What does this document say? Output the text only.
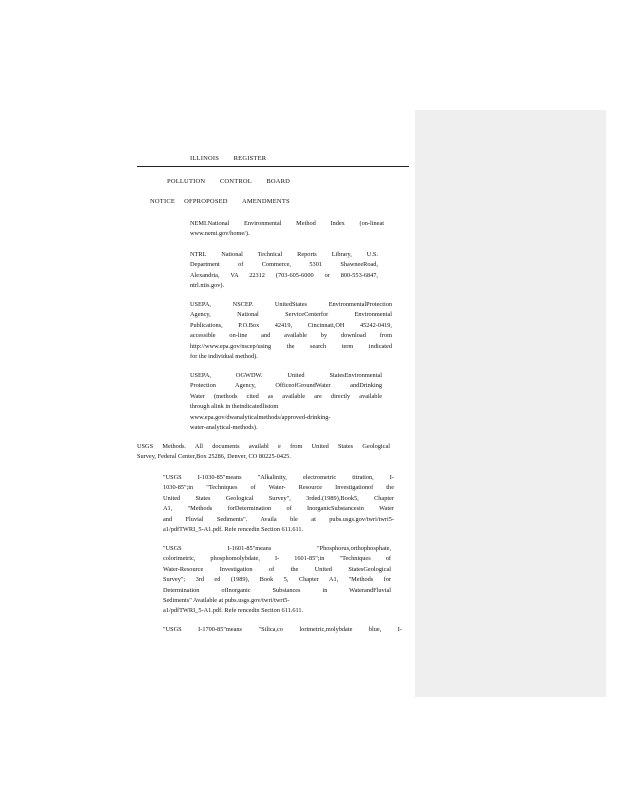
ILLINOIS        REGISTER
POLLUTION        CONTROL        BOARD
NOTICE     OFPROPOSED        AMENDMENTS
NEMI.National Environmental Method Index (on-lineat
www.nemi.gov/home/).
NTRL National Technical Reports Library, U.S.
Department of Commerce, 5301 ShawneeRoad,
Alexandria, VA 22312 (703-605-6000 or 800-553-6847,
ntrl.ntis.gov).
USEPA, NSCEP. UnitedStates EnvironmentalProtection
Agency, National ServiceCenterfor Environmental
Publications, P.O.Box 42419, Cincinnati,OH 45242-0419,
accessible on-line and available by download from
http://www.epa.gov/nscep/using the search term indicated
for the individual method).
USEPA, OGWDW. United StatesEnvironmental
Protection Agency, OfficeofGroundWater andDrinking
Water (methods cited as available are directly available
through alink in theindicatedlistom
www.epa.gov/dwanalyticalmethods/approved-drinking-
water-analytical-methods).
USGS Methods. All documents availabl e from United States Geological
Survey, Federal Center,Box 25286, Denver, CO 80225-0425.
"USGS I-1030-85"means "Alkalinity, electrometric titration, I-
1030-85";in "Techniques of Water- Resource Investigationof the
United States Geological Survey", 3rded.(1989),Book5, Chapter
A1, "Methods forDetermination of InorganicSubstancesin Water
and Fluvial Sediments". Availa ble at pubs.usgs.gov/twri/twri5-
a1/pdfTWRI_5-A1.pdf. Refe rencedin Section 611.611.
"USGS I-1601-85"means "Phosphorus,orthophosphate,
colorimetric, phosphomolybdate, I- 1601-85";in "Techniques of
Water-Resource Investigation of the United StatesGeological
Survey"; 3rd ed (1989), Book 5, Chapter A1, "Methods for
Determination ofInorganic Substances in WaterandFluvial
Sediments" Available at pubs.usgs.gov/twri/twri5-
a1/pdfTWRI_5-A1.pdf. Refe rencedin Section 611.611.
"USGS I-1700-85"means "Silica,co lorimetric,molybdate blue, I-
